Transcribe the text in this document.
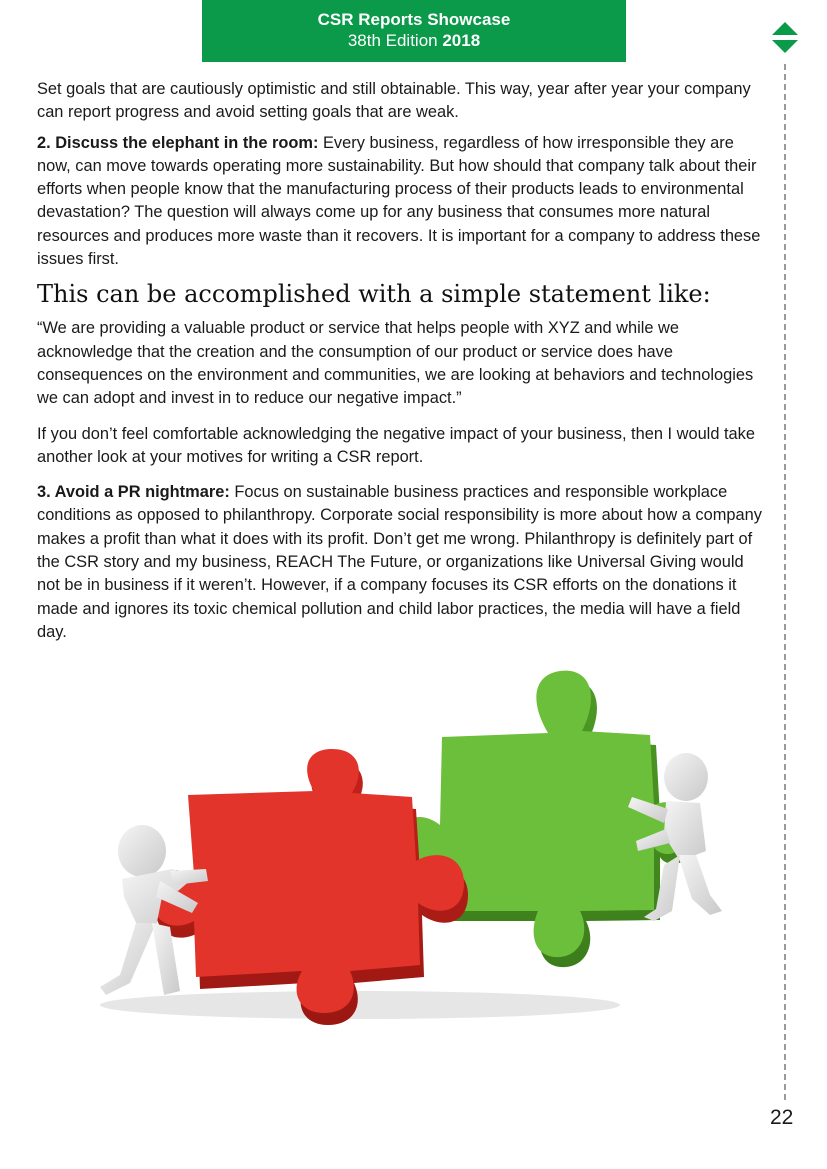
CSR Reports Showcase
38th Edition 2018

Set goals that are cautiously optimistic and still obtainable. This way, year after year your company can report progress and avoid setting goals that are weak.

2. Discuss the elephant in the room: Every business, regardless of how irresponsible they are now, can move towards operating more sustainability. But how should that company talk about their efforts when people know that the manufacturing process of their products leads to environmental devastation? The question will always come up for any business that consumes more natural resources and produces more waste than it recovers. It is important for a company to address these issues first.

This can be accomplished with a simple statement like:

“We are providing a valuable product or service that helps people with XYZ and while we acknowledge that the creation and the consumption of our product or service does have consequences on the environment and communities, we are looking at behaviors and technologies we can adopt and invest in to reduce our negative impact.”

If you don’t feel comfortable acknowledging the negative impact of your business, then I would take another look at your motives for writing a CSR report.

3. Avoid a PR nightmare: Focus on sustainable business practices and responsible workplace conditions as opposed to philanthropy. Corporate social responsibility is more about how a company makes a profit than what it does with its profit. Don’t get me wrong. Philanthropy is definitely part of the CSR story and my business, REACH The Future, or organizations like Universal Giving would not be in business if it weren’t. However, if a company focuses its CSR efforts on the donations it made and ignores its toxic chemical pollution and child labor practices, the media will have a field day.

22
